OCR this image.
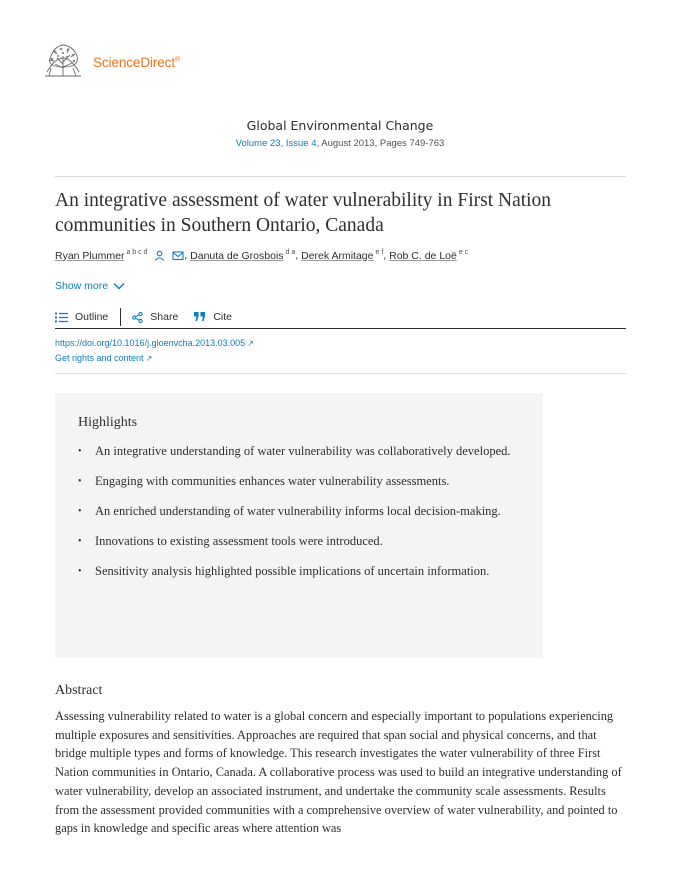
ScienceDirect®
Global Environmental Change
Volume 23, Issue 4, August 2013, Pages 749-763
An integrative assessment of water vulnerability in First Nation communities in Southern Ontario, Canada
Ryan Plummer $^{a b c d}$	, Danuta de Grosbois $^{d a}$, Derek Armitage $^{e f}$, Rob C. de Loë $^{e c}$
Show more
Outline	Share	Cite
https://doi.org/10.1016/j.gloenvcha.2013.03.005 ↗
Get rights and content ↗
Highlights
• An integrative understanding of water vulnerability was collaboratively developed.
• Engaging with communities enhances water vulnerability assessments.
• An enriched understanding of water vulnerability informs local decision-making.
• Innovations to existing assessment tools were introduced.
• Sensitivity analysis highlighted possible implications of uncertain information.
Abstract

Assessing vulnerability related to water is a global concern and especially important to populations experiencing multiple exposures and sensitivities. Approaches are required that span social and physical concerns, and that bridge multiple types and forms of knowledge. This research investigates the water vulnerability of three First Nation communities in Ontario, Canada. A collaborative process was used to build an integrative understanding of water vulnerability, develop an associated instrument, and undertake the community scale assessments. Results from the assessment provided communities with a comprehensive overview of water vulnerability, and pointed to gaps in knowledge and specific areas where attention was
